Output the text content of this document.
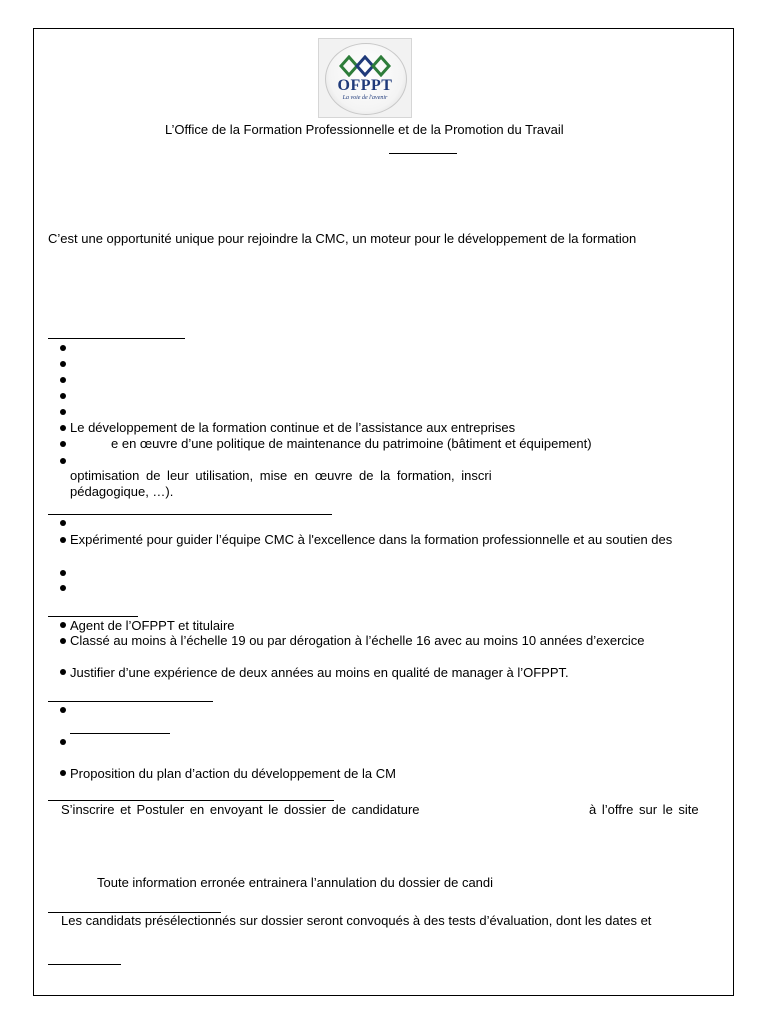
OFPPT
La voie de l'avenir
L’Office de la Formation Professionnelle et de la Promotion du Travail
C’est une opportunité unique pour rejoindre la CMC, un moteur pour le développement de la formation
Le développement de la formation continue et de l’assistance aux entreprises
e en œuvre d’une politique de maintenance du patrimoine (bâtiment et équipement)
optimisation de leur utilisation, mise en œuvre de la formation, inscri
pédagogique, …).
Expérimenté pour guider l’équipe CMC à l'excellence dans la formation professionnelle et au soutien des
Agent de l’OFPPT et titulaire
Classé au moins à l’échelle 19 ou par dérogation à l’échelle 16 avec au moins 10 années d’exercice
Justifier d’une expérience de deux années au moins en qualité de manager à l’OFPPT.
Proposition du plan d’action du développement de la CM
S’inscrire et Postuler en envoyant le dossier de candidature	à l’offre sur le site
Toute information erronée entrainera l’annulation du dossier de candi
Les candidats présélectionnés sur dossier seront convoqués à des tests d’évaluation, dont les dates et
